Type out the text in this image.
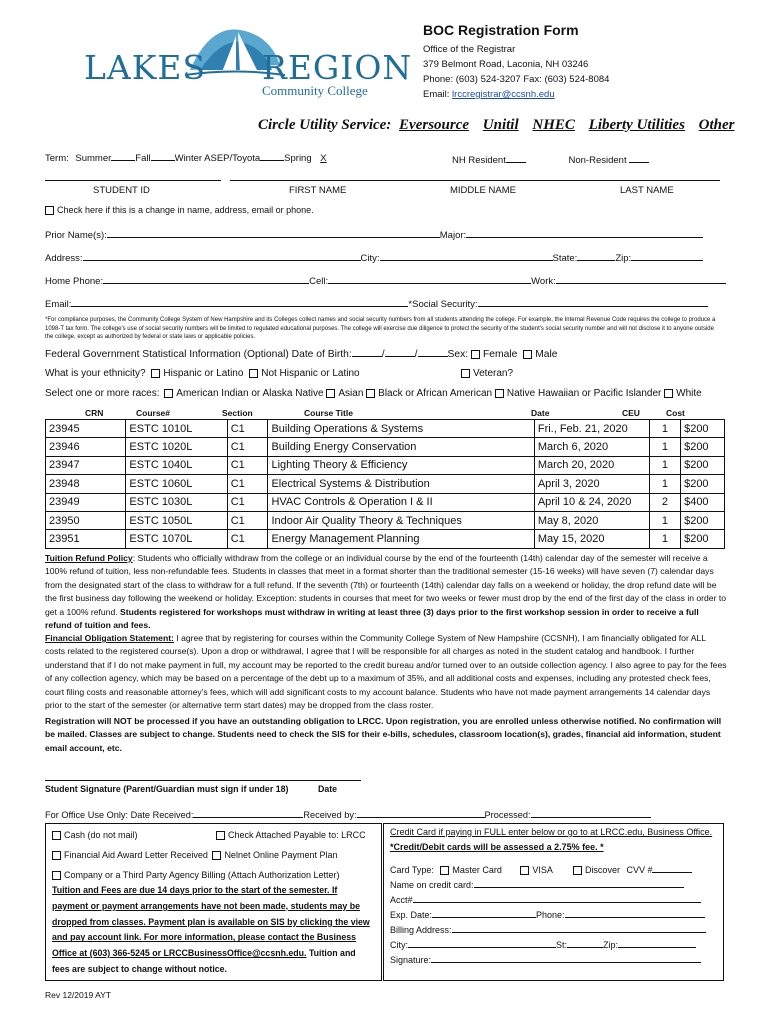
LAKES REGION
Community College
BOC Registration Form
Office of the Registrar
379 Belmont Road, Laconia, NH 03246
Phone: (603) 524-3207 Fax: (603) 524-8084
Email: lrccregistrar@ccsnh.edu
Circle Utility Service: Eversource Unitil NHEC Liberty Utilities Other
Term: Summer	Fall	Winter ASEP/Toyota	Spring X	NH Resident	Non-Resident
STUDENT ID	FIRST NAME	MIDDLE NAME	LAST NAME
Check here if this is a change in name, address, email or phone.
Prior Name(s):	Major:
Address:	City:	State:	Zip:
Home Phone:	Cell:	Work:
Email:	*Social Security:
*For compliance purposes, the Community College System of New Hampshire and its Colleges collect names and social security numbers from all students attending the college. For example, the Internal Revenue Code requires the college to produce a 1098-T tax form. The college's use of social security numbers will be limited to regulated educational purposes. The college will exercise due diligence to protect the security of the student's social security number and will not disclose it to anyone outside the college, except as authorized by federal or state laws or applicable policies.
Federal Government Statistical Information (Optional) Date of Birth:	/	/	Sex: Female Male
What is your ethnicity? Hispanic or Latino Not Hispanic or Latino	Veteran?
Select one or more races: American Indian or Alaska Native Asian Black or African American Native Hawaiian or Pacific Islander White
CRN	Course#	Section	Course Title	Date	CEU	Cost
23945	ESTC 1010L	C1	Building Operations & Systems	Fri., Feb. 21, 2020	1	$200
23946	ESTC 1020L	C1	Building Energy Conservation	March 6, 2020	1	$200
23947	ESTC 1040L	C1	Lighting Theory & Efficiency	March 20, 2020	1	$200
23948	ESTC 1060L	C1	Electrical Systems & Distribution	April 3, 2020	1	$200
23949	ESTC 1030L	C1	HVAC Controls & Operation I & II	April 10 & 24, 2020	2	$400
23950	ESTC 1050L	C1	Indoor Air Quality Theory & Techniques	May 8, 2020	1	$200
23951	ESTC 1070L	C1	Energy Management Planning	May 15, 2020	1	$200
Tuition Refund Policy: Students who officially withdraw from the college or an individual course by the end of the fourteenth (14th) calendar day of the semester will receive a 100% refund of tuition, less non-refundable fees. Students in classes that meet in a format shorter than the traditional semester (15-16 weeks) will have seven (7) calendar days from the designated start of the class to withdraw for a full refund. If the seventh (7th) or fourteenth (14th) calendar day falls on a weekend or holiday, the drop refund date will be the first business day following the weekend or holiday. Exception: students in courses that meet for two weeks or fewer must drop by the end of the first day of the class in order to get a 100% refund. Students registered for workshops must withdraw in writing at least three (3) days prior to the first workshop session in order to receive a full refund of tuition and fees.
Financial Obligation Statement: I agree that by registering for courses within the Community College System of New Hampshire (CCSNH), I am financially obligated for ALL costs related to the registered course(s). Upon a drop or withdrawal, I agree that I will be responsible for all charges as noted in the student catalog and handbook. I further understand that if I do not make payment in full, my account may be reported to the credit bureau and/or turned over to an outside collection agency. I also agree to pay for the fees of any collection agency, which may be based on a percentage of the debt up to a maximum of 35%, and all additional costs and expenses, including any protested check fees, court filing costs and reasonable attorney's fees, which will add significant costs to my account balance. Students who have not made payment arrangements 14 calendar days prior to the start of the semester (or alternative term start dates) may be dropped from the class roster.
Registration will NOT be processed if you have an outstanding obligation to LRCC. Upon registration, you are enrolled unless otherwise notified. No confirmation will be mailed. Classes are subject to change. Students need to check the SIS for their e-bills, schedules, classroom location(s), grades, financial aid information, student email account, etc.
Student Signature (Parent/Guardian must sign if under 18)	Date
For Office Use Only: Date Received:	Received by:	Processed:
Cash (do not mail)	Check Attached Payable to: LRCC
Financial Aid Award Letter Received Nelnet Online Payment Plan
Company or a Third Party Agency Billing (Attach Authorization Letter)
Tuition and Fees are due 14 days prior to the start of the semester. If payment or payment arrangements have not been made, students may be dropped from classes. Payment plan is available on SIS by clicking the view and pay account link. For more information, please contact the Business Office at (603) 366-5245 or LRCCBusinessOffice@ccsnh.edu. Tuition and fees are subject to change without notice.
Credit Card if paying in FULL enter below or go to at LRCC.edu, Business Office.
*Credit/Debit cards will be assessed a 2.75% fee. *
Card Type: Master Card	VISA	Discover CVV #
Name on credit card:
Acct#
Exp. Date:	Phone:
Billing Address:
City:	St:	Zip:
Signature:
Rev 12/2019 AYT
